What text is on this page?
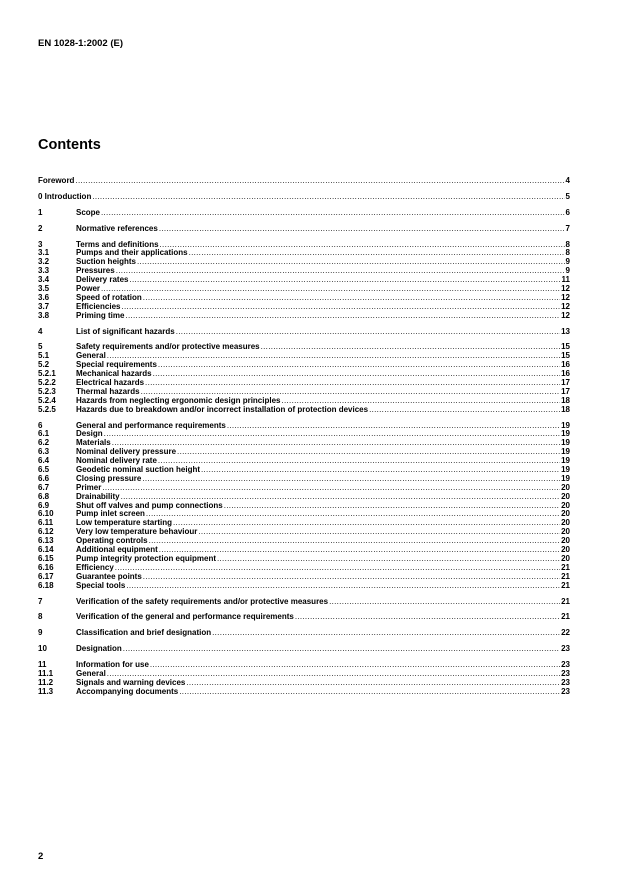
EN 1028-1:2002 (E)
Contents
Foreword .....	4
0 Introduction .....	5
1	Scope .....	6
2	Normative references .....	7
3	Terms and definitions .....	8
3.1	Pumps and their applications .....	8
3.2	Suction heights .....	9
3.3	Pressures .....	9
3.4	Delivery rates .....	11
3.5	Power .....	12
3.6	Speed of rotation .....	12
3.7	Efficiencies .....	12
3.8	Priming time .....	12
4	List of significant hazards .....	13
5	Safety requirements and/or protective measures .....	15
5.1	General .....	15
5.2	Special requirements .....	16
5.2.1	Mechanical hazards .....	16
5.2.2	Electrical hazards .....	17
5.2.3	Thermal hazards .....	17
5.2.4	Hazards from neglecting ergonomic design principles .....	18
5.2.5	Hazards due to breakdown and/or incorrect installation of protection devices .....	18
6	General and performance requirements .....	19
6.1	Design .....	19
6.2	Materials .....	19
6.3	Nominal delivery pressure .....	19
6.4	Nominal delivery rate .....	19
6.5	Geodetic nominal suction height .....	19
6.6	Closing pressure .....	19
6.7	Primer .....	20
6.8	Drainability .....	20
6.9	Shut off valves and pump connections .....	20
6.10	Pump inlet screen .....	20
6.11	Low temperature starting .....	20
6.12	Very low temperature behaviour .....	20
6.13	Operating controls .....	20
6.14	Additional equipment .....	20
6.15	Pump integrity protection equipment .....	20
6.16	Efficiency .....	21
6.17	Guarantee points .....	21
6.18	Special tools .....	21
7	Verification of the safety requirements and/or protective measures .....	21
8	Verification of the general and performance requirements .....	21
9	Classification and brief designation .....	22
10	Designation .....	23
11	Information for use .....	23
11.1	General .....	23
11.2	Signals and warning devices .....	23
11.3	Accompanying documents .....	23
2
